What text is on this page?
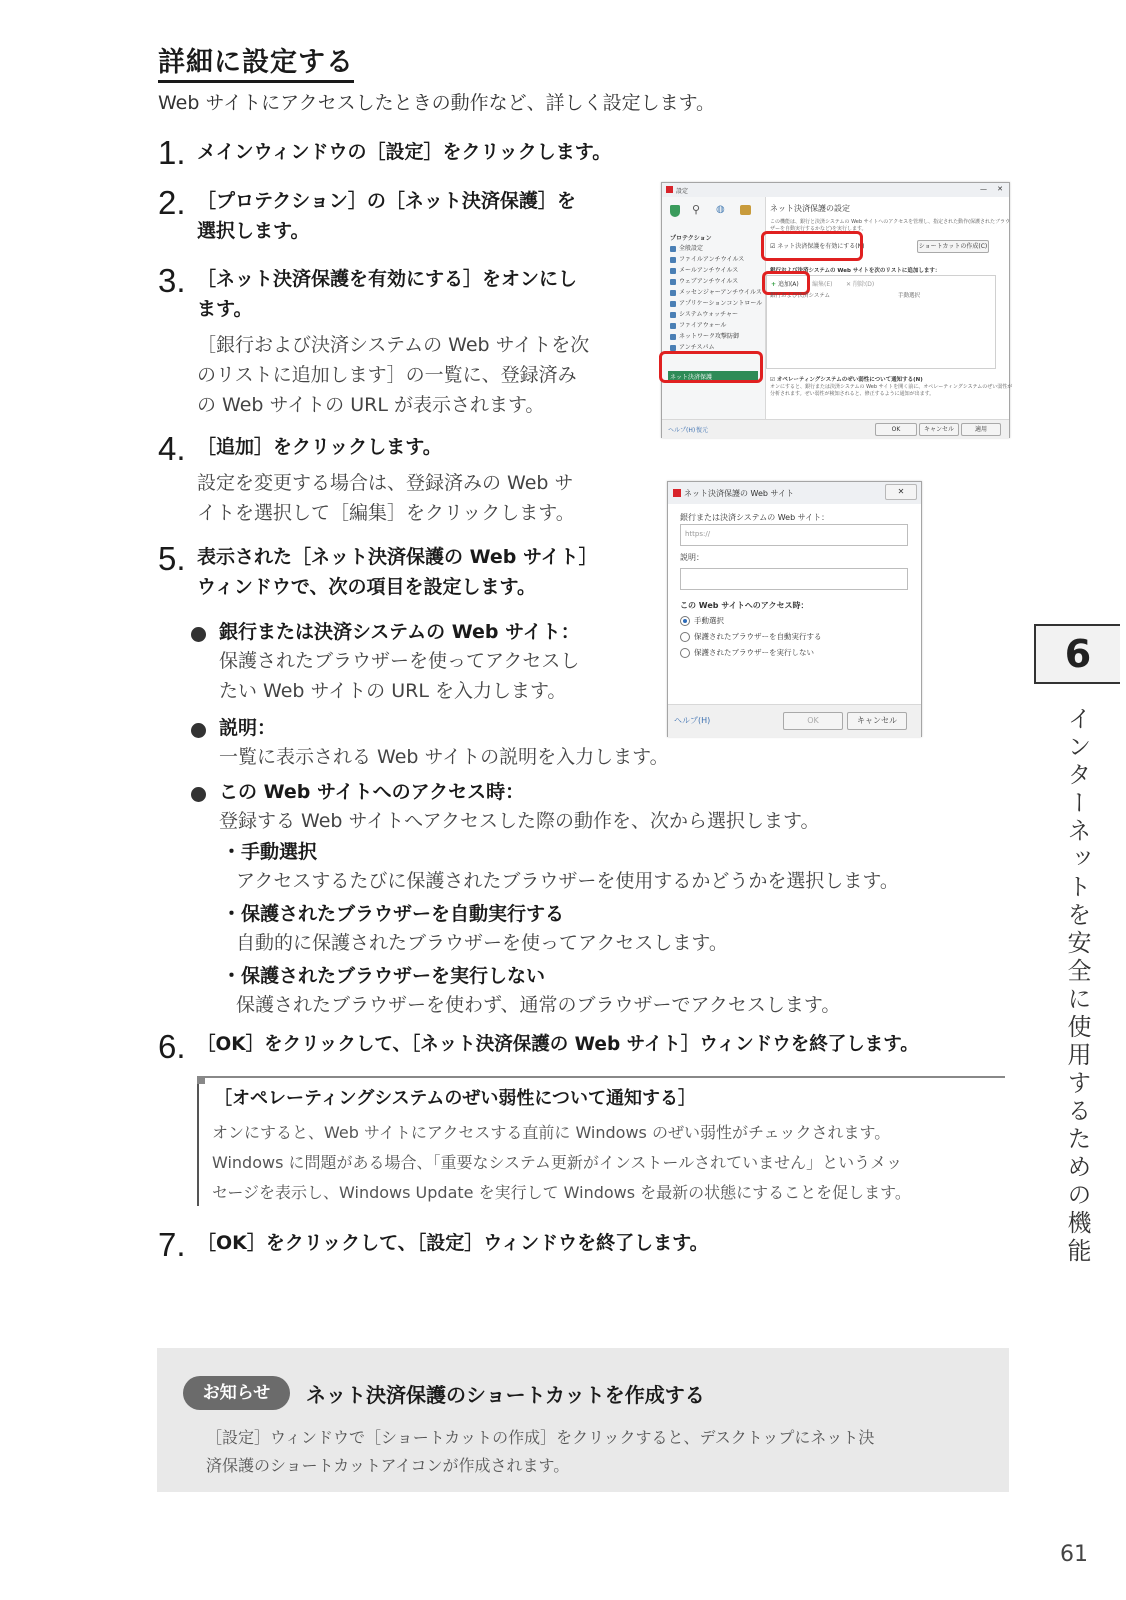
詳細に設定する
Web サイトにアクセスしたときの動作など、詳しく設定します。
1. メインウィンドウの［設定］をクリックします。
2. ［プロテクション］の［ネット決済保護］を
選択します。
3. ［ネット決済保護を有効にする］をオンにし
ます。
［銀行および決済システムの Web サイトを次
のリストに追加します］の一覧に、登録済み
の Web サイトの URL が表示されます。
4. ［追加］をクリックします。
設定を変更する場合は、登録済みの Web サ
イトを選択して［編集］をクリックします。
5. 表示された［ネット決済保護の Web サイト］
ウィンドウで、次の項目を設定します。
銀行または決済システムの Web サイト：
保護されたブラウザーを使ってアクセスし
たい Web サイトの URL を入力します。
説明：
一覧に表示される Web サイトの説明を入力します。
この Web サイトへのアクセス時：
登録する Web サイトへアクセスした際の動作を、次から選択します。
・手動選択
アクセスするたびに保護されたブラウザーを使用するかどうかを選択します。
・保護されたブラウザーを自動実行する
自動的に保護されたブラウザーを使ってアクセスします。
・保護されたブラウザーを実行しない
保護されたブラウザーを使わず、通常のブラウザーでアクセスします。
6. ［OK］をクリックして、［ネット決済保護の Web サイト］ウィンドウを終了します。
［オペレーティングシステムのぜい弱性について通知する］
オンにすると、Web サイトにアクセスする直前に Windows のぜい弱性がチェックされます。
Windows に問題がある場合、「重要なシステム更新がインストールされていません」というメッ
セージを表示し、Windows Update を実行して Windows を最新の状態にすることを促します。
7. ［OK］をクリックして、［設定］ウィンドウを終了します。
お知らせ	ネット決済保護のショートカットを作成する
［設定］ウィンドウで［ショートカットの作成］をクリックすると、デスクトップにネット決
済保護のショートカットアイコンが作成されます。
6
インターネットを安全に使用するための機能
61
設定	— ✕
⚲ ◍
プロテクション
全般設定
ファイルアンチウイルス
メールアンチウイルス
ウェブアンチウイルス
メッセンジャーアンチウイルス
アプリケーションコントロール
システムウォッチャー
ファイアウォール
ネットワーク攻撃防御
アンチスパム
ネット決済保護
ネット決済保護の設定
この機能は、銀行と決済システムの Web サイトへのアクセスを管理し、指定された動作(保護されたブラウ
ザーを自動実行するかなど)を実行します。
☑ ネット決済保護を有効にする(N)	ショートカットの作成(C)
銀行および決済システムの Web サイトを次のリストに追加します：
+ 追加(A) 編集(E) ✕ 削除(D)
銀行および決済システム	手動選択
☑ オペレーティングシステムのぜい弱性について通知する(N)
オンにすると、銀行または決済システムの Web サイトを開く前に、オペレーティングシステムのぜい弱性が
分析されます。ぜい弱性が検知されると、修正するように通知が出ます。
ヘルプ(H) 復元	OK	キャンセル	適用
ネット決済保護の Web サイト	✕
銀行または決済システムの Web サイト：
https://
説明：
この Web サイトへのアクセス時：
手動選択
保護されたブラウザーを自動実行する
保護されたブラウザーを実行しない
ヘルプ(H)	OK	キャンセル
